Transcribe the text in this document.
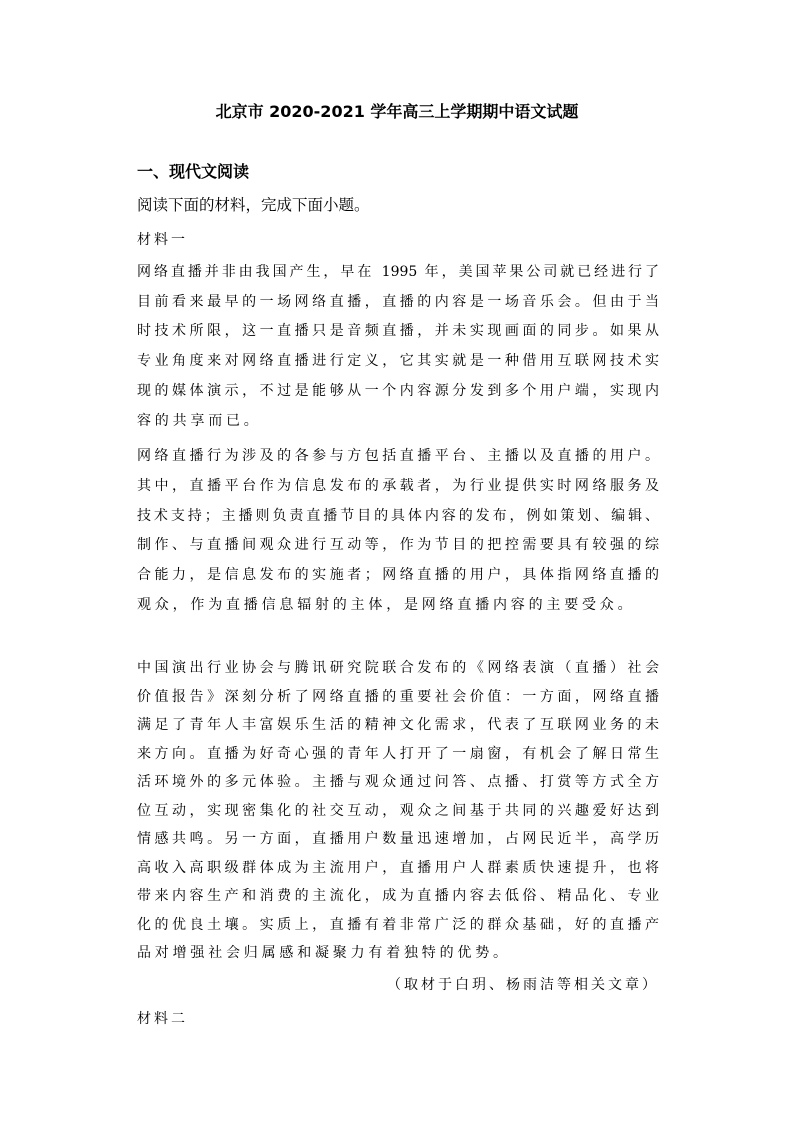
北京市 2020-2021 学年高三上学期期中语文试题
一、现代文阅读
阅读下面的材料，完成下面小题。
材料一
网络直播并非由我国产生，早在 1995 年，美国苹果公司就已经进行了
目前看来最早的一场网络直播，直播的内容是一场音乐会。但由于当
时技术所限，这一直播只是音频直播，并未实现画面的同步。如果从
专业角度来对网络直播进行定义，它其实就是一种借用互联网技术实
现的媒体演示，不过是能够从一个内容源分发到多个用户端，实现内
容的共享而已。
网络直播行为涉及的各参与方包括直播平台、主播以及直播的用户。
其中，直播平台作为信息发布的承载者，为行业提供实时网络服务及
技术支持；主播则负责直播节目的具体内容的发布，例如策划、编辑、
制作、与直播间观众进行互动等，作为节目的把控需要具有较强的综
合能力，是信息发布的实施者；网络直播的用户，具体指网络直播的
观众，作为直播信息辐射的主体，是网络直播内容的主要受众。
中国演出行业协会与腾讯研究院联合发布的《网络表演（直播）社会
价值报告》深刻分析了网络直播的重要社会价值：一方面，网络直播
满足了青年人丰富娱乐生活的精神文化需求，代表了互联网业务的未
来方向。直播为好奇心强的青年人打开了一扇窗，有机会了解日常生
活环境外的多元体验。主播与观众通过问答、点播、打赏等方式全方
位互动，实现密集化的社交互动，观众之间基于共同的兴趣爱好达到
情感共鸣。另一方面，直播用户数量迅速增加，占网民近半，高学历
高收入高职级群体成为主流用户，直播用户人群素质快速提升，也将
带来内容生产和消费的主流化，成为直播内容去低俗、精品化、专业
化的优良土壤。实质上，直播有着非常广泛的群众基础，好的直播产
（取材于白玥、杨雨洁等相关文章）
材料二
品对增强社会归属感和凝聚力有着独特的优势。
